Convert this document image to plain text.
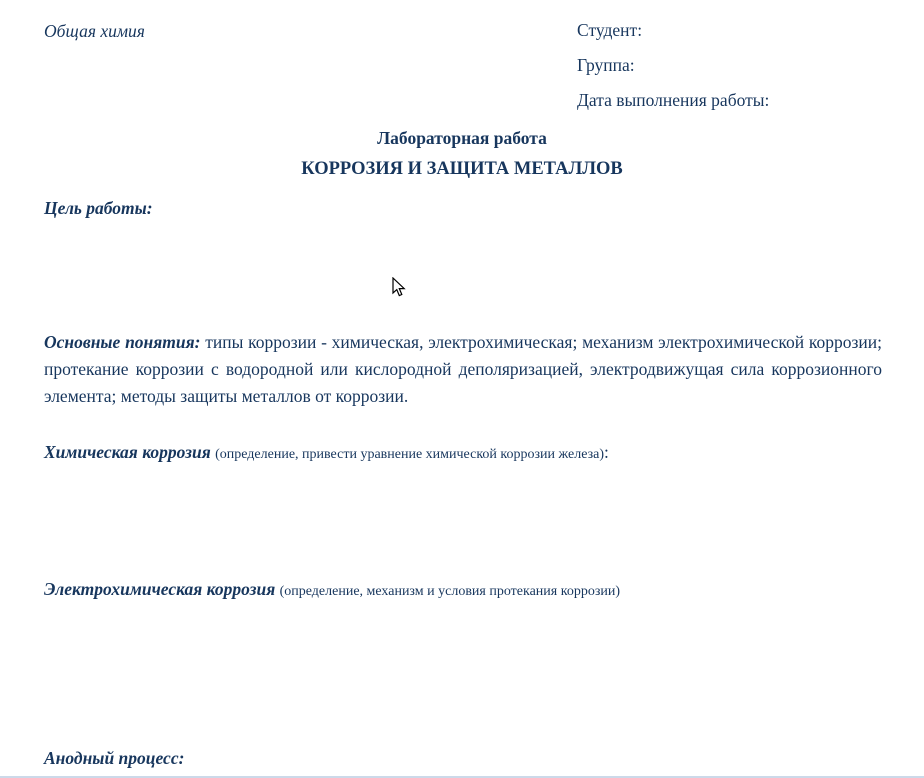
Общая химия	Студент:
Группа:
Дата выполнения работы:
Лабораторная работа
КОРРОЗИЯ И ЗАЩИТА МЕТАЛЛОВ
Цель работы:
Основные понятия: типы коррозии - химическая, электрохимическая; механизм электрохимической коррозии; протекание коррозии с водородной или кислородной деполяризацией, электродвижущая сила коррозионного элемента; методы защиты металлов от коррозии.
Химическая коррозия (определение, привести уравнение химической коррозии железа):
Электрохимическая коррозия (определение, механизм и условия протекания коррозии)
Анодный процесс:
